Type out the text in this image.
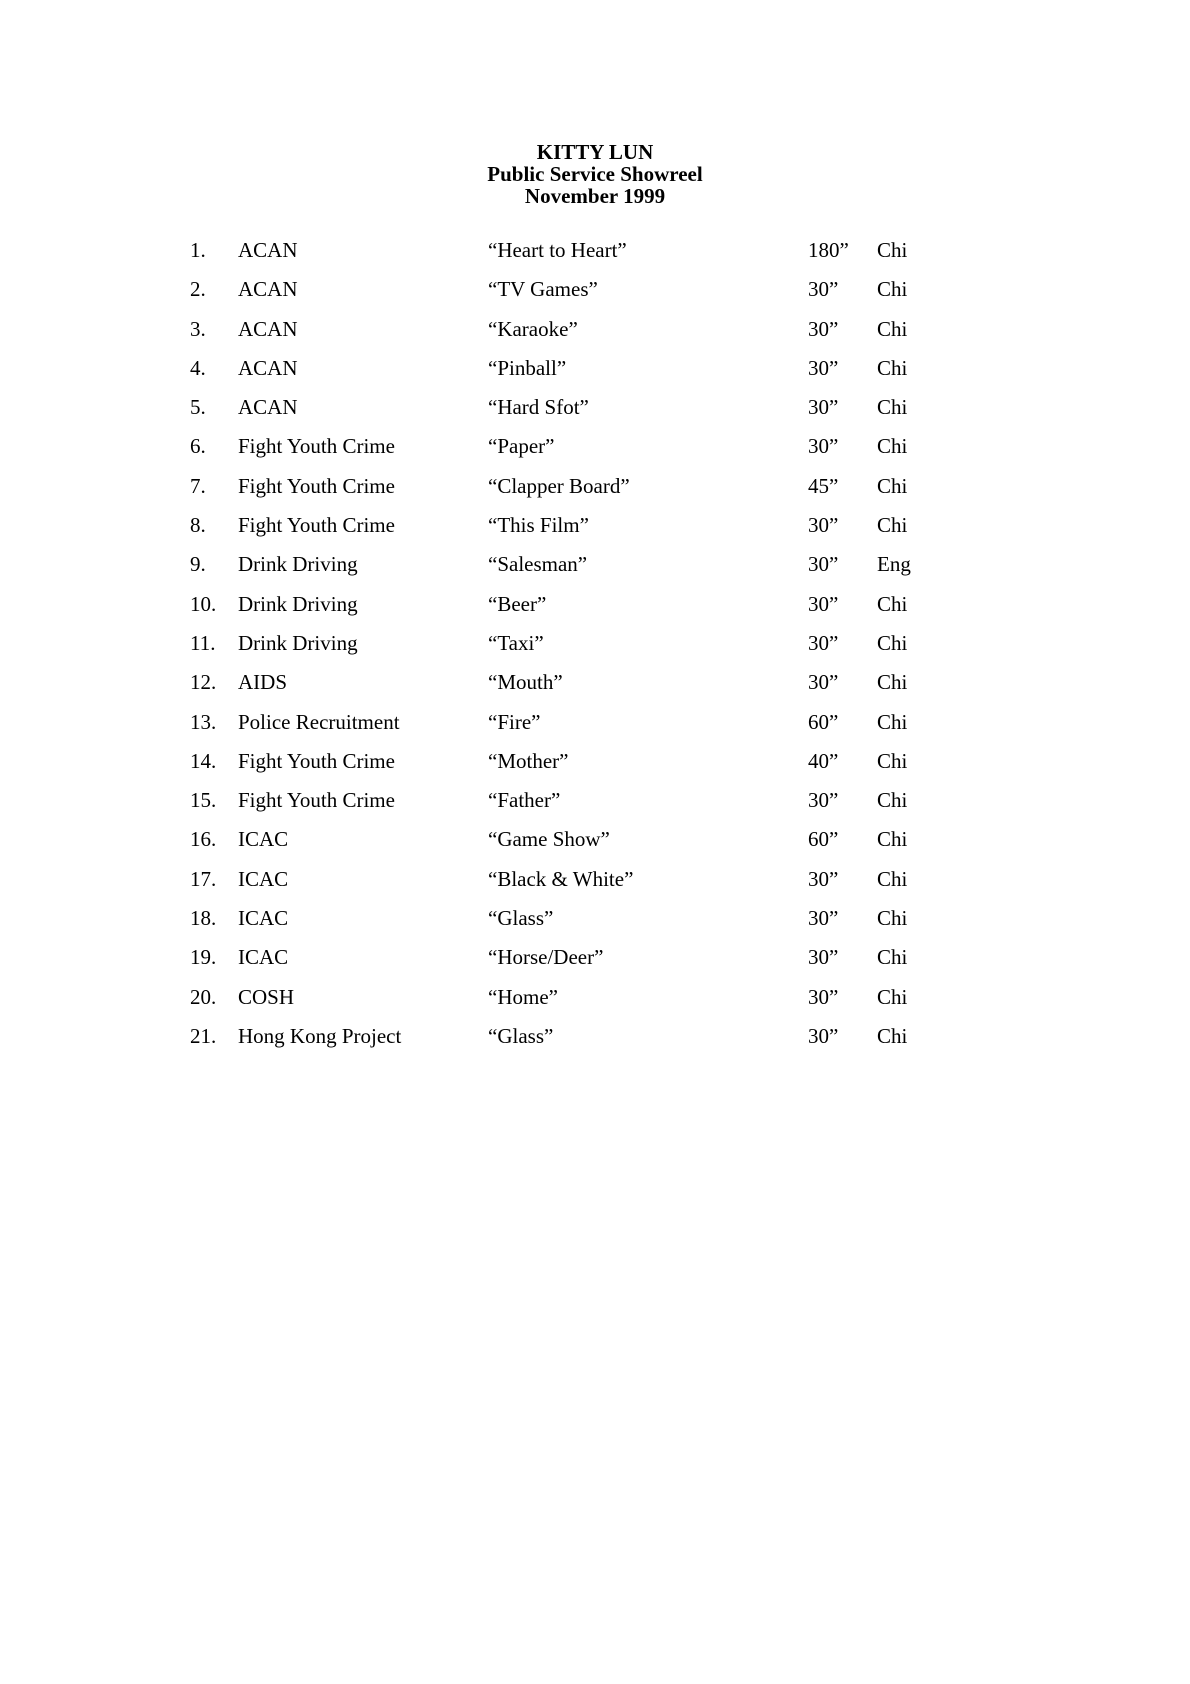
KITTY LUN
Public Service Showreel
November 1999
1. ACAN	“Heart to Heart”	180” Chi
2. ACAN	“TV Games”	30” Chi
3. ACAN	“Karaoke”	30” Chi
4. ACAN	“Pinball”	30” Chi
5. ACAN	“Hard Sfot”	30” Chi
6. Fight Youth Crime	“Paper”	30” Chi
7. Fight Youth Crime	“Clapper Board”	45” Chi
8. Fight Youth Crime	“This Film”	30” Chi
9. Drink Driving	“Salesman”	30” Eng
10. Drink Driving	“Beer”	30” Chi
11. Drink Driving	“Taxi”	30” Chi
12. AIDS	“Mouth”	30” Chi
13. Police Recruitment	“Fire”	60” Chi
14. Fight Youth Crime	“Mother”	40” Chi
15. Fight Youth Crime	“Father”	30” Chi
16. ICAC	“Game Show”	60” Chi
17. ICAC	“Black & White”	30” Chi
18. ICAC	“Glass”	30” Chi
19. ICAC	“Horse/Deer”	30” Chi
20. COSH	“Home”	30” Chi
21. Hong Kong Project	“Glass”	30” Chi
